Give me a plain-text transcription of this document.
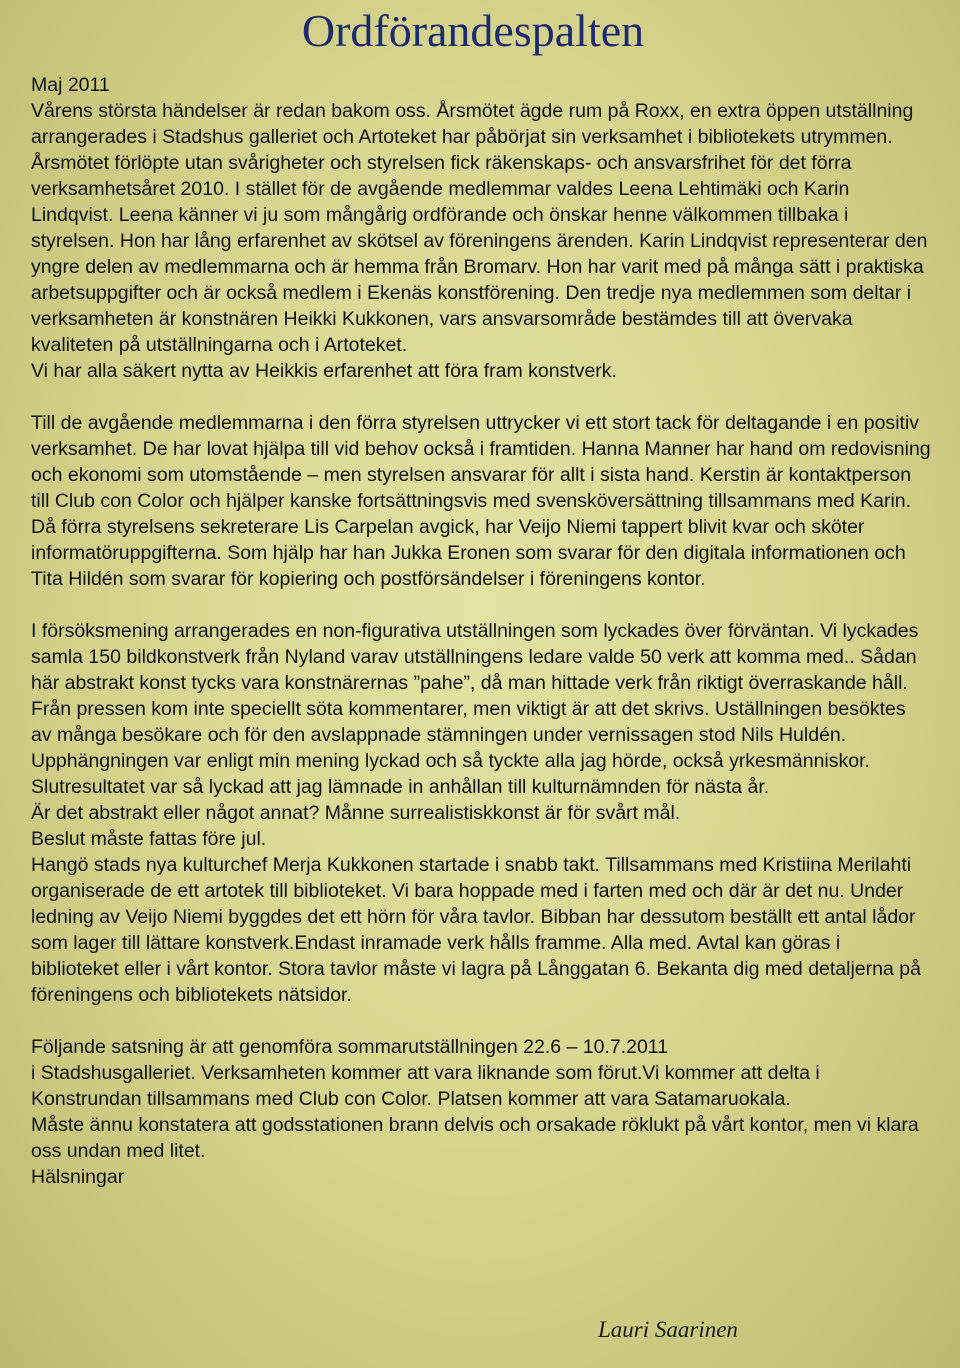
Ordförandespalten

Maj 2011

Vårens största händelser är redan bakom oss. Årsmötet ägde rum på Roxx, en extra öppen utställning arrangerades i Stadshus galleriet och Artoteket har påbörjat sin verksamhet i bibliotekets utrymmen.

Årsmötet förlöpte utan svårigheter och styrelsen fick räkenskaps- och ansvarsfrihet för det förra verksamhetsåret 2010. I stället för de avgående medlemmar valdes Leena Lehtimäki och Karin Lindqvist. Leena känner vi ju som mångårig ordförande och önskar henne välkommen tillbaka i styrelsen. Hon har lång erfarenhet av skötsel av föreningens ärenden. Karin Lindqvist representerar den yngre delen av medlemmarna och är hemma från Bromarv. Hon har varit med på många sätt i praktiska arbetsuppgifter och är också medlem i Ekenäs konstförening. Den tredje nya medlemmen som deltar i verksamheten är konstnären Heikki Kukkonen, vars ansvarsområde bestämdes till att övervaka kvaliteten på utställningarna och i Artoteket.

Vi har alla säkert nytta av Heikkis erfarenhet att föra fram konstverk.

Till de avgående medlemmarna i den förra styrelsen uttrycker vi ett stort tack för deltagande i en positiv verksamhet. De har lovat hjälpa till vid behov också i framtiden. Hanna Manner har hand om redovisning och ekonomi som utomstående – men styrelsen ansvarar för allt i sista hand. Kerstin är kontaktperson till Club con Color och hjälper kanske fortsättningsvis med svensköversättning tillsammans med Karin. Då förra styrelsens sekreterare Lis Carpelan avgick, har Veijo Niemi tappert blivit kvar och sköter informatöruppgifterna. Som hjälp har han Jukka Eronen som svarar för den digitala informationen och Tita Hildén som svarar för kopiering och postförsändelser i föreningens kontor.

I försöksmening arrangerades en non-figurativa utställningen som lyckades över förväntan. Vi lyckades samla 150 bildkonstverk från Nyland varav utställningens ledare valde 50 verk att komma med.. Sådan här abstrakt konst tycks vara konstnärernas ”pahe”, då man hittade verk från riktigt överraskande håll. Från pressen kom inte speciellt söta kommentarer, men viktigt är att det skrivs. Uställningen besöktes av många besökare och för den avslappnade stämningen under vernissagen stod Nils Huldén. Upphängningen var enligt min mening lyckad och så tyckte alla jag hörde, också yrkesmänniskor.

Slutresultatet var så lyckad att jag lämnade in anhållan till kulturnämnden för nästa år.

Är det abstrakt eller något annat? Månne surrealistiskkonst är för svårt mål.

Beslut måste fattas före jul.

Hangö stads nya kulturchef Merja Kukkonen startade i snabb takt. Tillsammans med Kristiina Merilahti organiserade de ett artotek till biblioteket. Vi bara hoppade med i farten med och där är det nu. Under ledning av Veijo Niemi byggdes det ett hörn för våra tavlor. Bibban har dessutom beställt ett antal lådor som lager till lättare konstverk.Endast inramade verk hålls framme. Alla med. Avtal kan göras i biblioteket eller i vårt kontor. Stora tavlor måste vi lagra på Långgatan 6. Bekanta dig med detaljerna på föreningens och bibliotekets nätsidor.

Följande satsning är att genomföra sommarutställningen 22.6 – 10.7.2011

i Stadshusgalleriet. Verksamheten kommer att vara liknande som förut.Vi kommer att delta i Konstrundan tillsammans med Club con Color. Platsen kommer att vara Satamaruokala.

Måste ännu konstatera att godsstationen brann delvis och orsakade röklukt på vårt kontor, men vi klara oss undan med litet.

Hälsningar

Lauri Saarinen
